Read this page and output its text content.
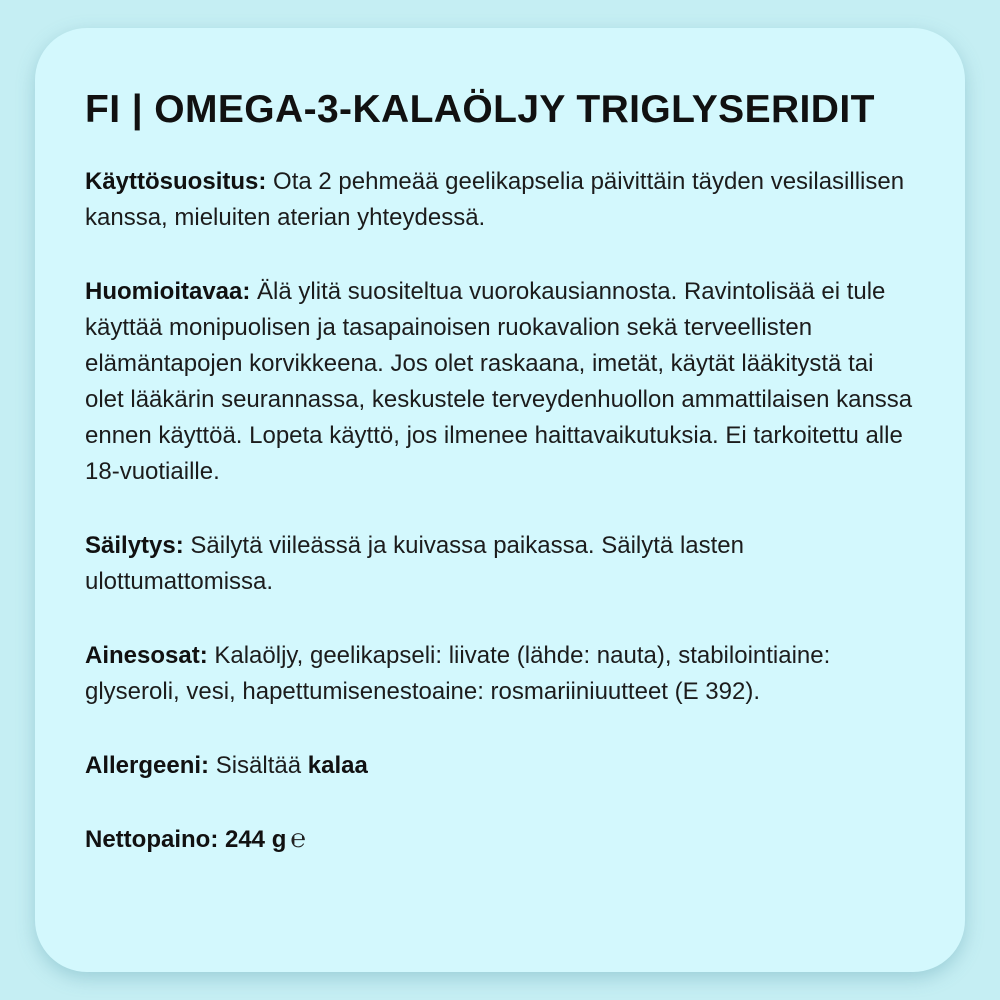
FI | OMEGA-3-KALAÖLJY TRIGLYSERIDIT

Käyttösuositus: Ota 2 pehmeää geelikapselia päivittäin täyden vesilasillisen kanssa, mieluiten aterian yhteydessä.

Huomioitavaa: Älä ylitä suositeltua vuorokausiannosta. Ravintolisää ei tule käyttää monipuolisen ja tasapainoisen ruokavalion sekä terveellisten elämäntapojen korvikkeena. Jos olet raskaana, imetät, käytät lääkitystä tai olet lääkärin seurannassa, keskustele terveydenhuollon ammattilaisen kanssa ennen käyttöä. Lopeta käyttö, jos ilmenee haittavaikutuksia. Ei tarkoitettu alle 18-vuotiaille.

Säilytys: Säilytä viileässä ja kuivassa paikassa. Säilytä lasten ulottumattomissa.

Ainesosat: Kalaöljy, geelikapseli: liivate (lähde: nauta), stabilointiaine: glyseroli, vesi, hapettumisenestoaine: rosmariiniuutteet (E 392).

Allergeeni: Sisältää kalaa

Nettopaino: 244 g ℮
